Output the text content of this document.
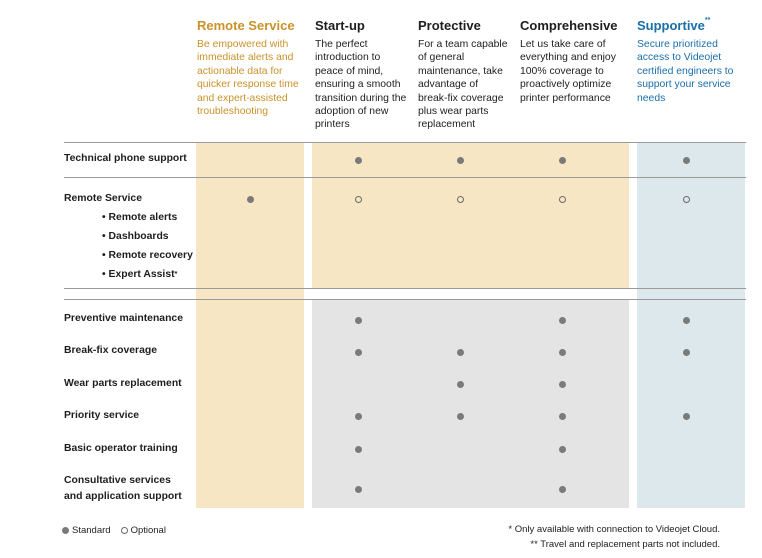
Remote Service
Be empowered with immediate alerts and actionable data for quicker response time and expert-assisted troubleshooting
Start-up
The perfect introduction to peace of mind, ensuring a smooth transition during the adoption of new printers
Protective
For a team capable of general maintenance, take advantage of break-fix coverage plus wear parts replacement
Comprehensive
Let us take care of everything and enjoy 100% coverage to proactively optimize printer performance
Supportive**
Secure prioritized access to Videojet certified engineers to support your service needs
Technical phone support
Remote Service
• Remote alerts
• Dashboards
• Remote recovery
• Expert Assist*
Preventive maintenance
Break-fix coverage
Wear parts replacement
Priority service
Basic operator training
Consultative services
and application support
Standard Optional	* Only available with connection to Videojet Cloud.
** Travel and replacement parts not included.
